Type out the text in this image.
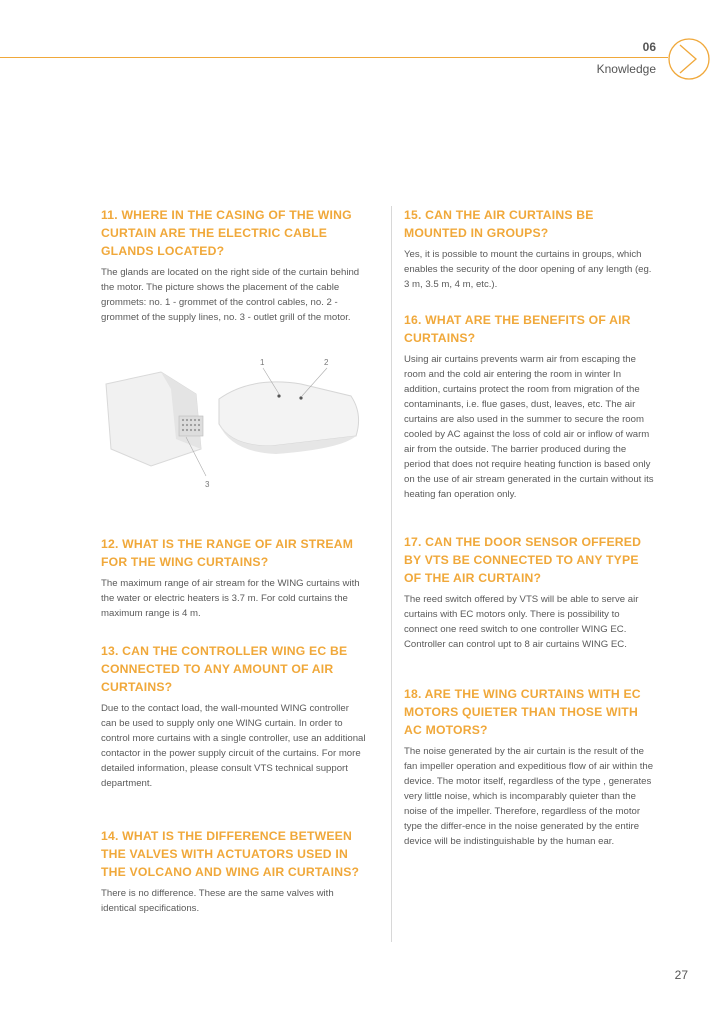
06
Knowledge

11. WHERE IN THE CASING OF THE WING CURTAIN ARE THE ELECTRIC CABLE GLANDS LOCATED?

The glands are located on the right side of the curtain behind the motor. The picture shows the placement of the cable grommets: no. 1 - grommet of the control cables, no. 2 - grommet of the supply lines, no. 3 - outlet grill of the motor.

1	2
3

12. WHAT IS THE RANGE OF AIR STREAM FOR THE WING CURTAINS?

The maximum range of air stream for the WING curtains with the water or electric heaters is 3.7 m. For cold curtains the maximum range is 4 m.

13. CAN THE CONTROLLER WING EC BE CONNECTED TO ANY AMOUNT OF AIR CURTAINS?

Due to the contact load, the wall-mounted WING controller can be used to supply only one WING curtain. In order to control more curtains with a single controller, use an additional contactor in the power supply circuit of the curtains. For more detailed information, please consult VTS technical support department.

14. WHAT IS THE DIFFERENCE BETWEEN THE VALVES WITH ACTUATORS USED IN THE VOLCANO AND WING AIR CURTAINS?

There is no difference. These are the same valves with identical specifications.

15. CAN THE AIR CURTAINS BE MOUNTED IN GROUPS?

Yes, it is possible to mount the curtains in groups, which enables the security of the door opening of any length (eg. 3 m, 3.5 m, 4 m, etc.).

16. WHAT ARE THE BENEFITS OF AIR CURTAINS?

Using air curtains prevents warm air from escaping the room and the cold air entering the room in winter In addition, curtains protect the room from migration of the contaminants, i.e. flue gases, dust, leaves, etc. The air curtains are also used in the summer to secure the room cooled by AC against the loss of cold air or inflow of warm air from the outside. The barrier produced during the period that does not require heating function is based only on the use of air stream generated in the curtain without its heating fan operation only.

17. CAN THE DOOR SENSOR OFFERED BY VTS BE CONNECTED TO ANY TYPE OF THE AIR CURTAIN?

The reed switch offered by VTS will be able to serve air curtains with EC motors only. There is possibility to connect one reed switch to one controller WING EC. Controller can control upt to 8 air curtains WING EC.

18. ARE THE WING CURTAINS WITH EC MOTORS QUIETER THAN THOSE WITH AC MOTORS?

The noise generated by the air curtain is the result of the fan impeller operation and expeditious flow of air within the device. The motor itself, regardless of the type , generates very little noise, which is incomparably quieter than the noise of the impeller. Therefore, regardless of the motor type the differ-ence in the noise generated by the entire device will be indistinguishable by the human ear.

27
